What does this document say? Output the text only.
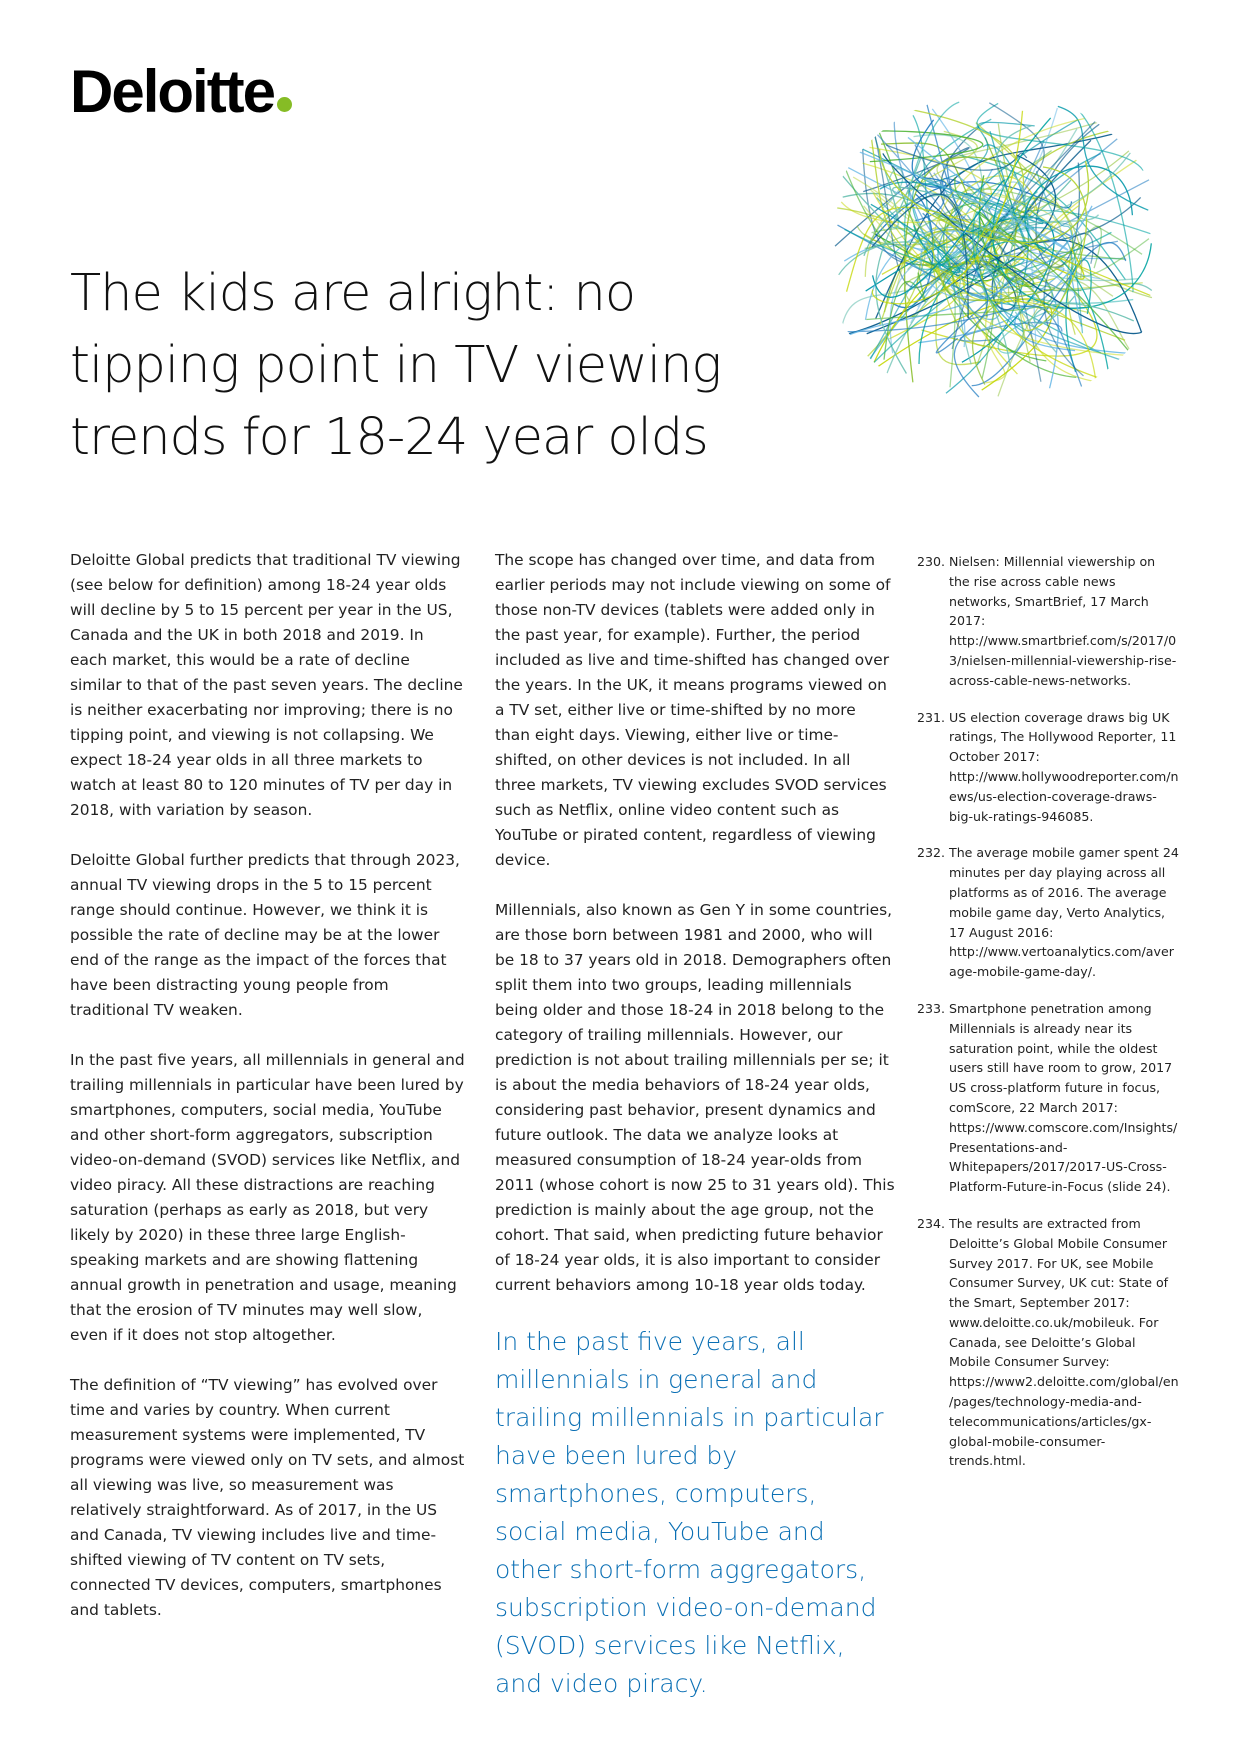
Deloitte
The kids are alright: no tipping point in TV viewing trends for 18-24 year olds

Deloitte Global predicts that traditional TV viewing (see below for definition) among 18-24 year olds will decline by 5 to 15 percent per year in the US, Canada and the UK in both 2018 and 2019. In each market, this would be a rate of decline similar to that of the past seven years. The decline is neither exacerbating nor improving; there is no tipping point, and viewing is not collapsing. We expect 18-24 year olds in all three markets to watch at least 80 to 120 minutes of TV per day in 2018, with variation by season.

Deloitte Global further predicts that through 2023, annual TV viewing drops in the 5 to 15 percent range should continue. However, we think it is possible the rate of decline may be at the lower end of the range as the impact of the forces that have been distracting young people from traditional TV weaken.

In the past five years, all millennials in general and trailing millennials in particular have been lured by smartphones, computers, social media, YouTube and other short-form aggregators, subscription video-on-demand (SVOD) services like Netflix, and video piracy. All these distractions are reaching saturation (perhaps as early as 2018, but very likely by 2020) in these three large English-speaking markets and are showing flattening annual growth in penetration and usage, meaning that the erosion of TV minutes may well slow, even if it does not stop altogether.

The definition of “TV viewing” has evolved over time and varies by country. When current measurement systems were implemented, TV programs were viewed only on TV sets, and almost all viewing was live, so measurement was relatively straightforward. As of 2017, in the US and Canada, TV viewing includes live and time-shifted viewing of TV content on TV sets, connected TV devices, computers, smartphones and tablets.

The scope has changed over time, and data from earlier periods may not include viewing on some of those non-TV devices (tablets were added only in the past year, for example). Further, the period included as live and time-shifted has changed over the years. In the UK, it means programs viewed on a TV set, either live or time-shifted by no more than eight days. Viewing, either live or time-shifted, on other devices is not included. In all three markets, TV viewing excludes SVOD services such as Netflix, online video content such as YouTube or pirated content, regardless of viewing device.

Millennials, also known as Gen Y in some countries, are those born between 1981 and 2000, who will be 18 to 37 years old in 2018. Demographers often split them into two groups, leading millennials being older and those 18-24 in 2018 belong to the category of trailing millennials. However, our prediction is not about trailing millennials per se; it is about the media behaviors of 18-24 year olds, considering past behavior, present dynamics and future outlook. The data we analyze looks at measured consumption of 18-24 year-olds from 2011 (whose cohort is now 25 to 31 years old). This prediction is mainly about the age group, not the cohort. That said, when predicting future behavior of 18-24 year olds, it is also important to consider current behaviors among 10-18 year olds today.

In the past five years, all millennials in general and trailing millennials in particular have been lured by smartphones, computers, social media, YouTube and other short-form aggregators, subscription video-on-demand (SVOD) services like Netflix, and video piracy.
230. Nielsen: Millennial viewership on the rise across cable news networks, SmartBrief, 17 March 2017: http://www.smartbrief.com/s/2017/03/nielsen-millennial-viewership-rise-across-cable-news-networks.
231. US election coverage draws big UK ratings, The Hollywood Reporter, 11 October 2017: http://www.hollywoodreporter.com/news/us-election-coverage-draws-big-uk-ratings-946085.
232. The average mobile gamer spent 24 minutes per day playing across all platforms as of 2016. The average mobile game day, Verto Analytics, 17 August 2016: http://www.vertoanalytics.com/average-mobile-game-day/.
233. Smartphone penetration among Millennials is already near its saturation point, while the oldest users still have room to grow, 2017 US cross-platform future in focus, comScore, 22 March 2017: https://www.comscore.com/Insights/Presentations-and-Whitepapers/2017/2017-US-Cross-Platform-Future-in-Focus (slide 24).
234. The results are extracted from Deloitte’s Global Mobile Consumer Survey 2017. For UK, see Mobile Consumer Survey, UK cut: State of the Smart, September 2017: www.deloitte.co.uk/mobileuk. For Canada, see Deloitte’s Global Mobile Consumer Survey: https://www2.deloitte.com/global/en/pages/technology-media-and-telecommunications/articles/gx-global-mobile-consumer-trends.html.
